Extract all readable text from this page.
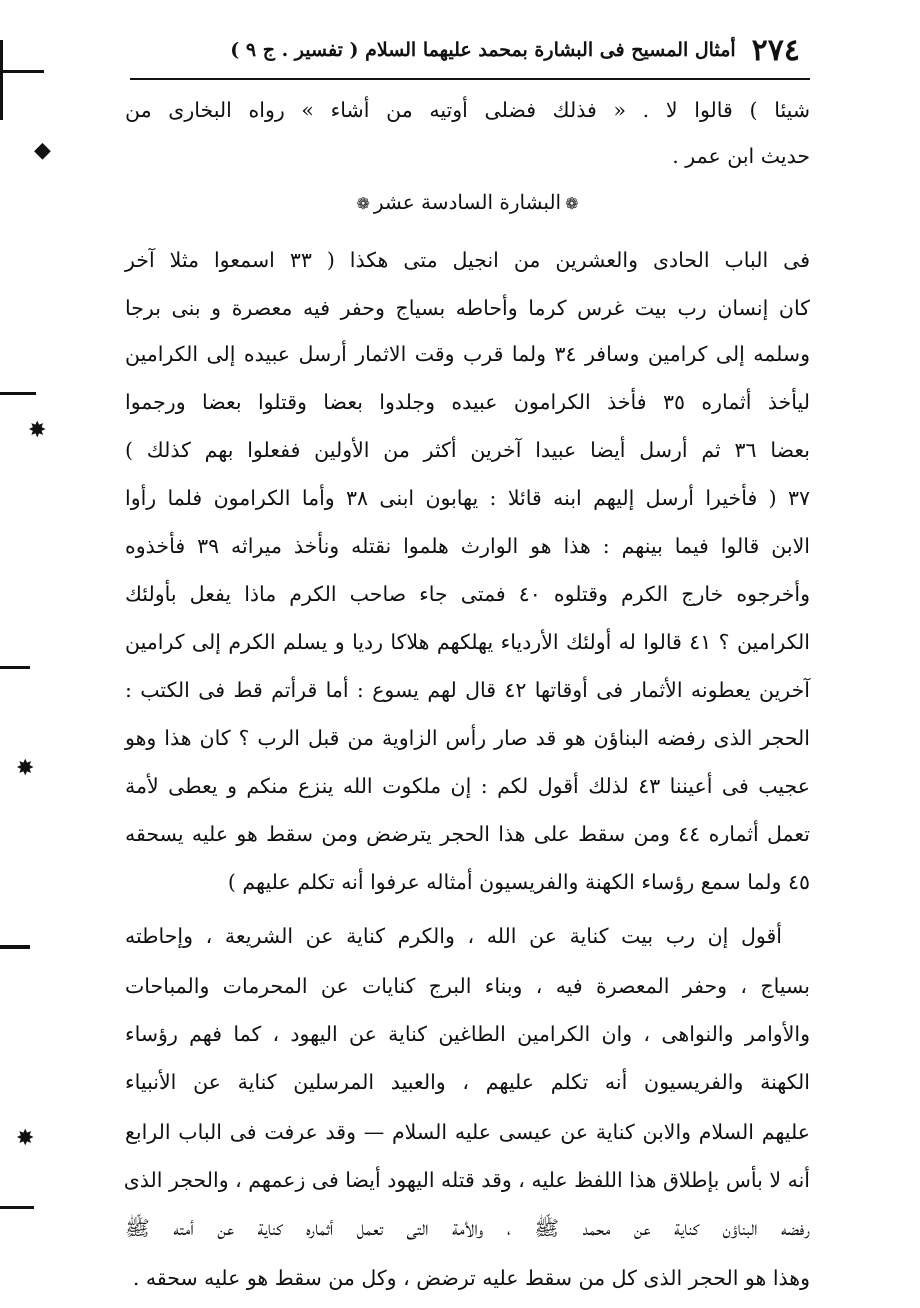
٢٧٤
أمثال المسيح فى البشارة بمحمد عليهما السلام ( تفسير . ج ٩ )
شيئا ) قالوا لا . « فذلك فضلى أوتيه من أشاء » رواه البخارى من
حديث ابن عمر .
❁البشارة السادسة عشر❁
فى الباب الحادى والعشرين من انجيل متى هكذا ( ٣٣ اسمعوا مثلا آخر
كان إنسان رب بيت غرس كرما وأحاطه بسياج وحفر فيه معصرة و بنى برجا
وسلمه إلى كرامين وسافر ٣٤ ولما قرب وقت الاثمار أرسل عبيده إلى الكرامين
ليأخذ أثماره ٣٥ فأخذ الكرامون عبيده وجلدوا بعضا وقتلوا بعضا ورجموا
بعضا ٣٦ ثم أرسل أيضا عبيدا آخرين أكثر من الأولين ففعلوا بهم كذلك )
٣٧ ( فأخيرا أرسل إليهم ابنه قائلا : يهابون ابنى ٣٨ وأما الكرامون فلما رأوا
الابن قالوا فيما بينهم : هذا هو الوارث هلموا نقتله ونأخذ ميراثه ٣٩ فأخذوه
وأخرجوه خارج الكرم وقتلوه ٤٠ فمتى جاء صاحب الكرم ماذا يفعل بأولئك
الكرامين ؟ ٤١ قالوا له أولئك الأردياء يهلكهم هلاكا رديا و يسلم الكرم إلى كرامين
آخرين يعطونه الأثمار فى أوقاتها ٤٢ قال لهم يسوع : أما قرأتم قط فى الكتب :
الحجر الذى رفضه البناؤن هو قد صار رأس الزاوية من قبل الرب ؟ كان هذا وهو
عجيب فى أعيننا ٤٣ لذلك أقول لكم : إن ملكوت الله ينزع منكم و يعطى لأمة
تعمل أثماره ٤٤ ومن سقط على هذا الحجر يترضض ومن سقط هو عليه يسحقه
٤٥ ولما سمع رؤساء الكهنة والفريسيون أمثاله عرفوا أنه تكلم عليهم )
أقول إن رب بيت كناية عن الله ، والكرم كناية عن الشريعة ، وإحاطته
بسياج ، وحفر المعصرة فيه ، وبناء البرج كنايات عن المحرمات والمباحات
والأوامر والنواهى ، وان الكرامين الطاغين كناية عن اليهود ، كما فهم رؤساء
الكهنة والفريسيون أنه تكلم عليهم ، والعبيد المرسلين كناية عن الأنبياء
عليهم السلام والابن كناية عن عيسى عليه السلام — وقد عرفت فى الباب الرابع
أنه لا بأس بإطلاق هذا اللفظ عليه ، وقد قتله اليهود أيضا فى زعمهم ، والحجر الذى
رفضه البناؤن كناية عن محمد ﷺ ، والأمة التى تعمل أثماره كناية عن أمته ﷺ
وهذا هو الحجر الذى كل من سقط عليه ترضض ، وكل من سقط هو عليه سحقه .
◆
✸
✸
✸
